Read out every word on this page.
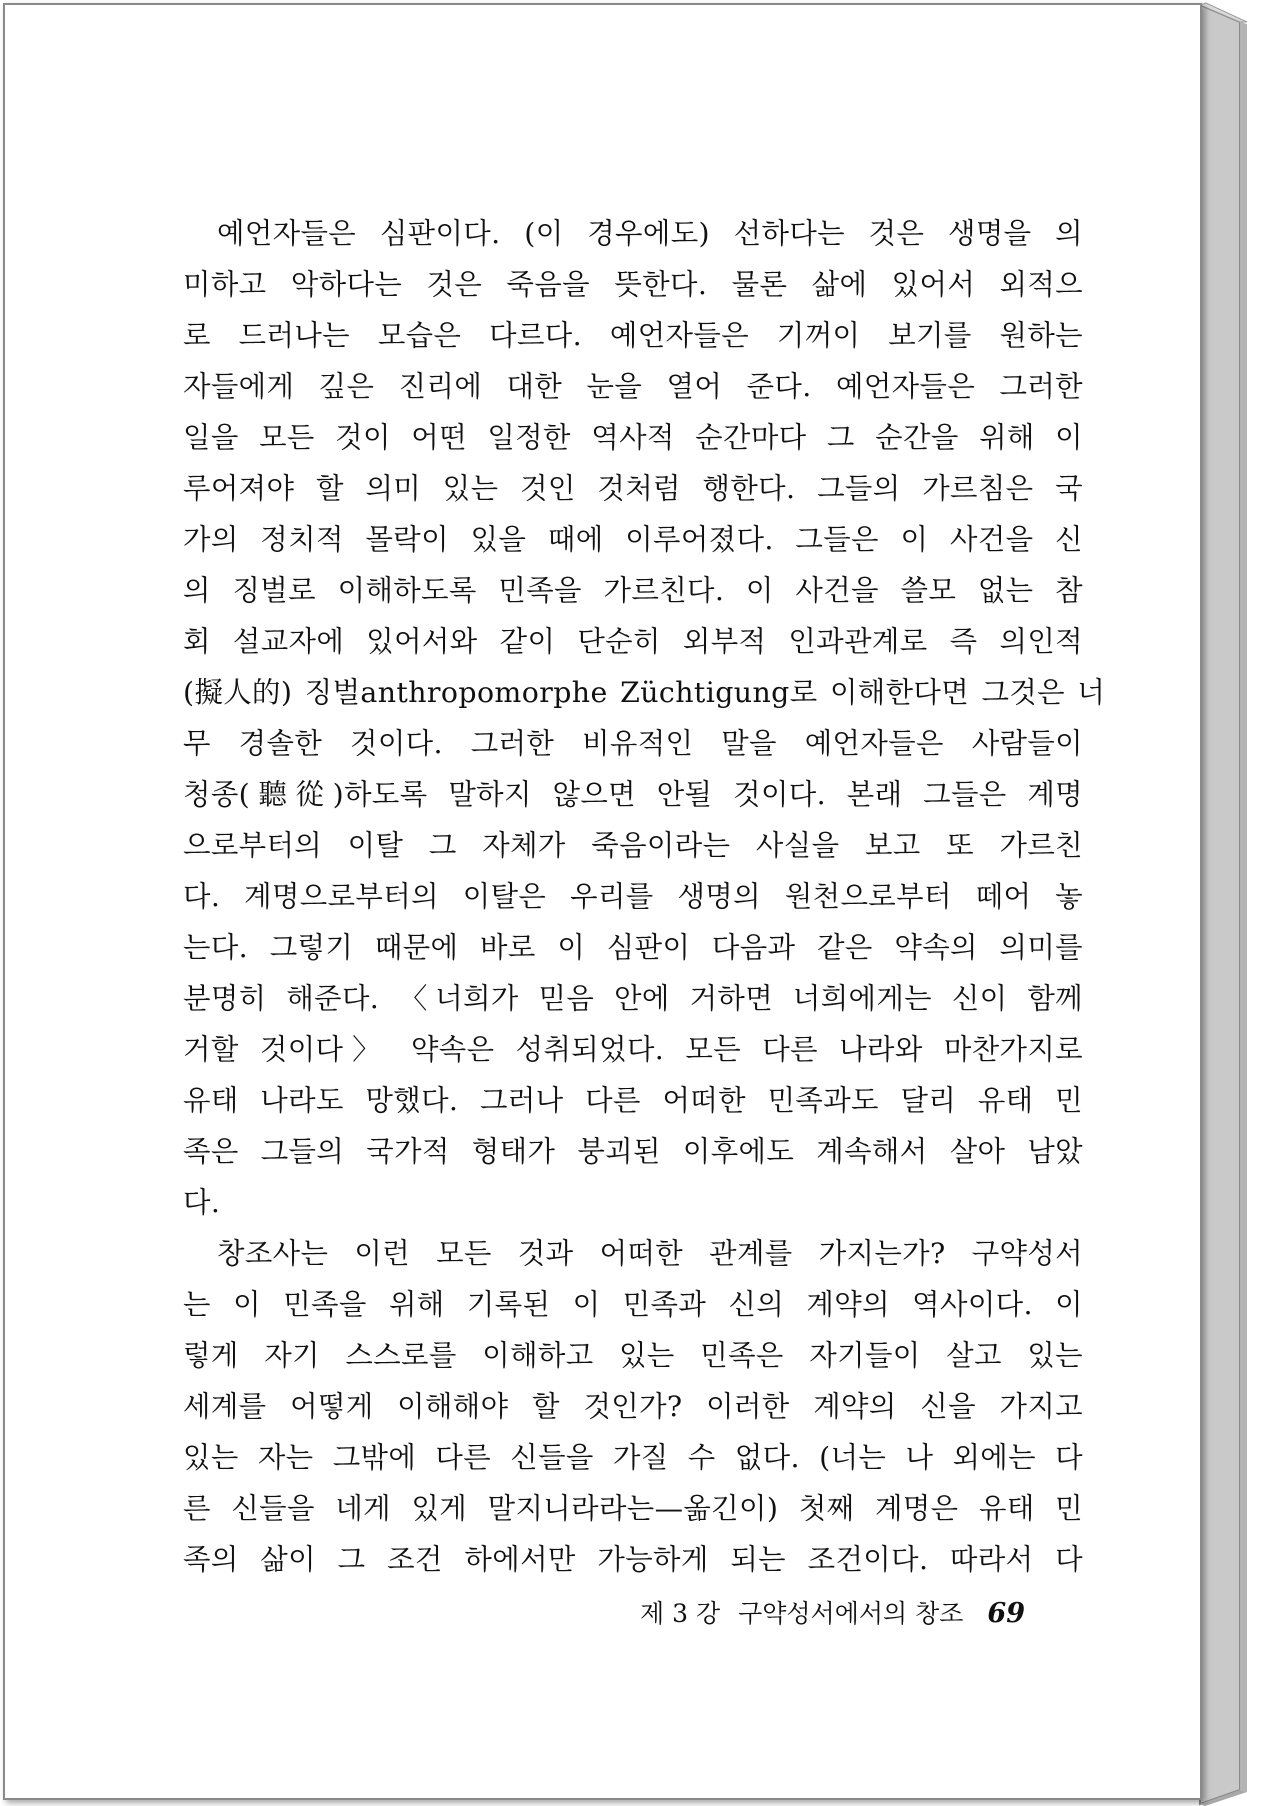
예언자들은 심판이다. (이 경우에도) 선하다는 것은 생명을 의
미하고 악하다는 것은 죽음을 뜻한다. 물론 삶에 있어서 외적으
로 드러나는 모습은 다르다. 예언자들은 기꺼이 보기를 원하는
자들에게 깊은 진리에 대한 눈을 열어 준다. 예언자들은 그러한
일을 모든 것이 어떤 일정한 역사적 순간마다 그 순간을 위해 이
루어져야 할 의미 있는 것인 것처럼 행한다. 그들의 가르침은 국
가의 정치적 몰락이 있을 때에 이루어졌다. 그들은 이 사건을 신
의 징벌로 이해하도록 민족을 가르친다. 이 사건을 쓸모 없는 참
회 설교자에 있어서와 같이 단순히 외부적 인과관계로 즉 의인적
(擬人的) 징벌anthropomorphe Züchtigung로 이해한다면 그것은 너
무 경솔한 것이다. 그러한 비유적인 말을 예언자들은 사람들이
청종(聽從)하도록 말하지 않으면 안될 것이다. 본래 그들은 계명
으로부터의 이탈 그 자체가 죽음이라는 사실을 보고 또 가르친
다. 계명으로부터의 이탈은 우리를 생명의 원천으로부터 떼어 놓
는다. 그렇기 때문에 바로 이 심판이 다음과 같은 약속의 의미를
분명히 해준다. 〈너희가 믿음 안에 거하면 너희에게는 신이 함께
거할 것이다〉 약속은 성취되었다. 모든 다른 나라와 마찬가지로
유태 나라도 망했다. 그러나 다른 어떠한 민족과도 달리 유태 민
족은 그들의 국가적 형태가 붕괴된 이후에도 계속해서 살아 남았
다.
창조사는 이런 모든 것과 어떠한 관계를 가지는가? 구약성서
는 이 민족을 위해 기록된 이 민족과 신의 계약의 역사이다. 이
렇게 자기 스스로를 이해하고 있는 민족은 자기들이 살고 있는
세계를 어떻게 이해해야 할 것인가? 이러한 계약의 신을 가지고
있는 자는 그밖에 다른 신들을 가질 수 없다. (너는 나 외에는 다
른 신들을 네게 있게 말지니라라는—옮긴이) 첫째 계명은 유태 민
족의 삶이 그 조건 하에서만 가능하게 되는 조건이다. 따라서 다
제 3 강 구약성서에서의 창조 69
